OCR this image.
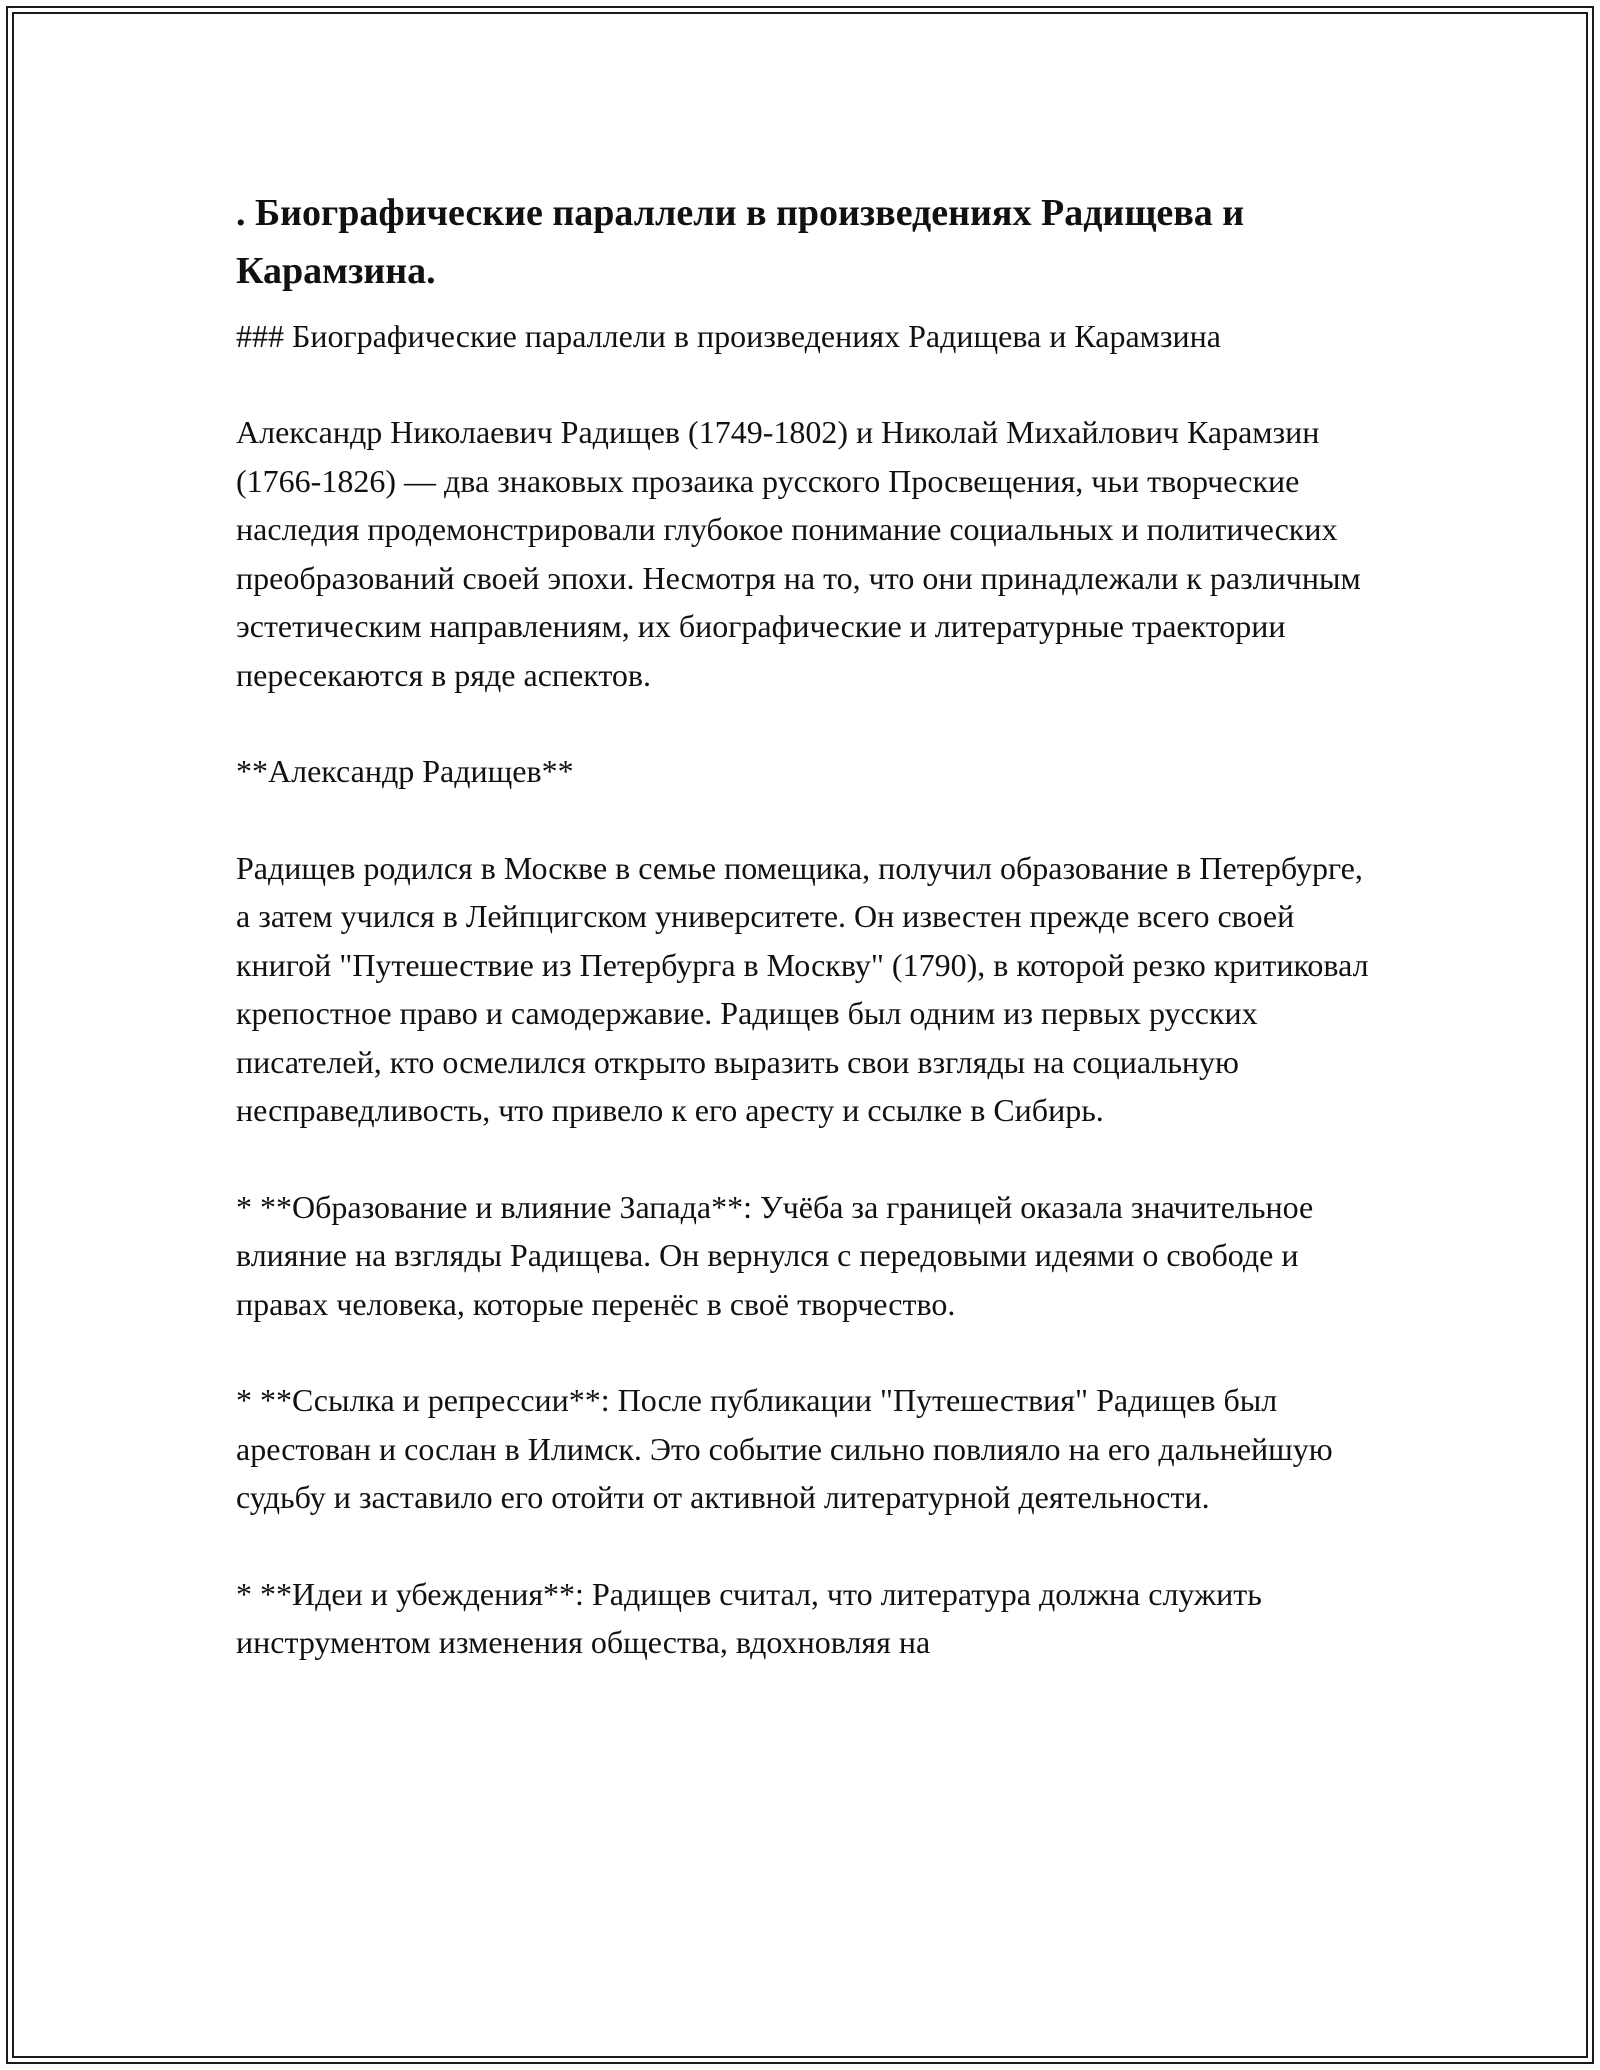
. Биографические параллели в произведениях Радищева и Карамзина.

### Биографические параллели в произведениях Радищева и Карамзина

Александр Николаевич Радищев (1749-1802) и Николай Михайлович Карамзин (1766-1826) — два знаковых прозаика русского Просвещения, чьи творческие наследия продемонстрировали глубокое понимание социальных и политических преобразований своей эпохи. Несмотря на то, что они принадлежали к различным эстетическим направлениям, их биографические и литературные траектории пересекаются в ряде аспектов.

**Александр Радищев**

Радищев родился в Москве в семье помещика, получил образование в Петербурге, а затем учился в Лейпцигском университете. Он известен прежде всего своей книгой "Путешествие из Петербурга в Москву" (1790), в которой резко критиковал крепостное право и самодержавие. Радищев был одним из первых русских писателей, кто осмелился открыто выразить свои взгляды на социальную несправедливость, что привело к его аресту и ссылке в Сибирь.

* **Образование и влияние Запада**: Учёба за границей оказала значительное влияние на взгляды Радищева. Он вернулся с передовыми идеями о свободе и правах человека, которые перенёс в своё творчество.

* **Ссылка и репрессии**: После публикации "Путешествия" Радищев был арестован и сослан в Илимск. Это событие сильно повлияло на его дальнейшую судьбу и заставило его отойти от активной литературной деятельности.

* **Идеи и убеждения**: Радищев считал, что литература должна служить инструментом изменения общества, вдохновляя на
